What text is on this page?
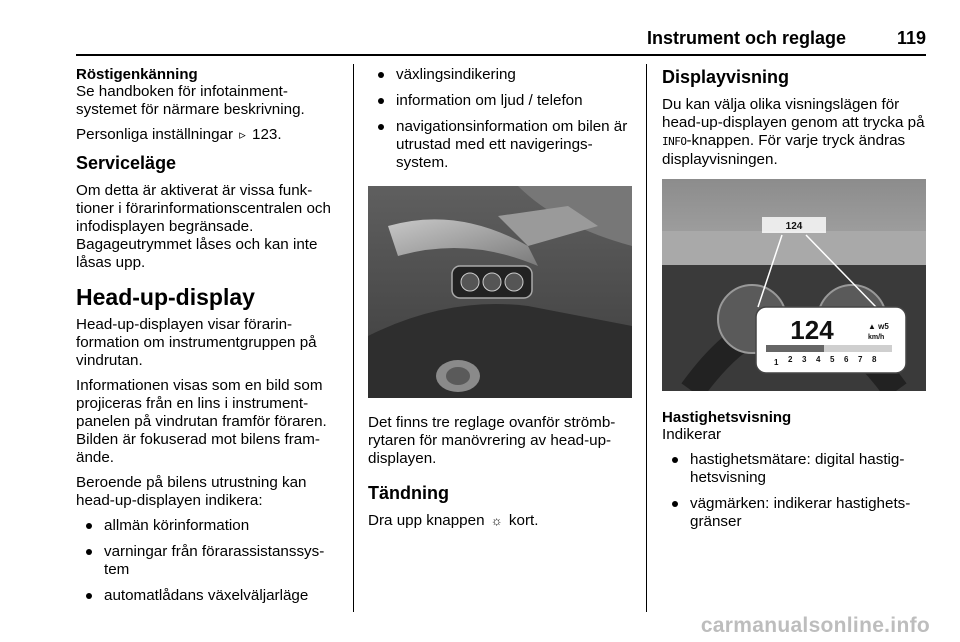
Instrument och reglage	119
Röstigenkänning

Se handboken för infotainment-systemet för närmare beskrivning.

Personliga inställningar ▹ 123.

Serviceläge

Om detta är aktiverat är vissa funk-tioner i förarinformationscentralen och infodisplayen begränsade. Bagageutrymmet låses och kan inte låsas upp.

Head-up-display

Head-up-displayen visar förarin-formation om instrumentgruppen på vindrutan.

Informationen visas som en bild som projiceras från en lins i instrument-panelen på vindrutan framför föraren. Bilden är fokuserad mot bilens fram-ände.

Beroende på bilens utrustning kan head-up-displayen indikera:

allmän körinformation
varningar från förarassistanssys-tem
automatlådans växelväljarläge
växlingsindikering
information om ljud / telefon
navigationsinformation om bilen är utrustad med ett navigerings-system.

Det finns tre reglage ovanför strömb-rytaren för manövrering av head-up-displayen.

Tändning

Dra upp knappen ☼ kort.

Displayvisning

Du kan välja olika visningslägen för head-up-displayen genom att trycka på INFO-knappen. För varje tryck ändras displayvisningen.

124
124	▲ w5
km/h
1 2 3 4 5 6 7 8
Hastighetsvisning

Indikerar

hastighetsmätare: digital hastig-hetsvisning
vägmärken: indikerar hastighets-gränser
carmanualsonline.info
